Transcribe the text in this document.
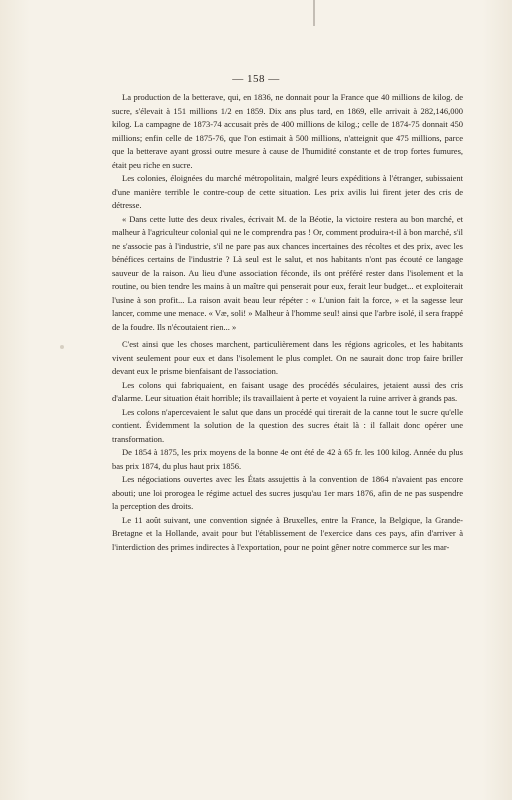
— 158 —

La production de la betterave, qui, en 1836, ne donnait pour la France que 40 millions de kilog. de sucre, s'élevait à 151 millions 1/2 en 1859. Dix ans plus tard, en 1869, elle arrivait à 282,146,000 kilog. La campagne de 1873-74 accusait près de 400 millions de kilog.; celle de 1874-75 donnait 450 millions; enfin celle de 1875-76, que l'on estimait à 500 millions, n'atteignit que 475 millions, parce que la betterave ayant grossi outre mesure à cause de l'humidité constante et de trop fortes fumures, était peu riche en sucre.

Les colonies, éloignées du marché métropolitain, malgré leurs expéditions à l'étranger, subissaient d'une manière terrible le contre-coup de cette situation. Les prix avilis lui firent jeter des cris de détresse.

« Dans cette lutte des deux rivales, écrivait M. de la Béotie, la victoire restera au bon marché, et malheur à l'agriculteur colonial qui ne le comprendra pas ! Or, comment produira-t-il à bon marché, s'il ne s'associe pas à l'industrie, s'il ne pare pas aux chances incertaines des récoltes et des prix, avec les bénéfices certains de l'industrie ? Là seul est le salut, et nos habitants n'ont pas écouté ce langage sauveur de la raison. Au lieu d'une association féconde, ils ont préféré rester dans l'isolement et la routine, ou bien tendre les mains à un maître qui penserait pour eux, ferait leur budget... et exploiterait l'usine à son profit... La raison avait beau leur répéter : « L'union fait la force, » et la sagesse leur lancer, comme une menace. « Væ, soli! » Malheur à l'homme seul! ainsi que l'arbre isolé, il sera frappé de la foudre. Ils n'écoutaient rien... »

C'est ainsi que les choses marchent, particulièrement dans les régions agricoles, et les habitants vivent seulement pour eux et dans l'isolement le plus complet. On ne saurait donc trop faire briller devant eux le prisme bienfaisant de l'association.

Les colons qui fabriquaient, en faisant usage des procédés séculaires, jetaient aussi des cris d'alarme. Leur situation était horrible; ils travaillaient à perte et voyaient la ruine arriver à grands pas.

Les colons n'apercevaient le salut que dans un procédé qui tirerait de la canne tout le sucre qu'elle contient. Évidemment la solution de la question des sucres était là : il fallait donc opérer une transformation.

De 1854 à 1875, les prix moyens de la bonne 4e ont été de 42 à 65 fr. les 100 kilog. Année du plus bas prix 1874, du plus haut prix 1856.

Les négociations ouvertes avec les États assujettis à la convention de 1864 n'avaient pas encore abouti; une loi prorogea le régime actuel des sucres jusqu'au 1er mars 1876, afin de ne pas suspendre la perception des droits.

Le 11 août suivant, une convention signée à Bruxelles, entre la France, la Belgique, la Grande-Bretagne et la Hollande, avait pour but l'établissement de l'exercice dans ces pays, afin d'arriver à l'interdiction des primes indirectes à l'exportation, pour ne point gêner notre commerce sur les mar-
